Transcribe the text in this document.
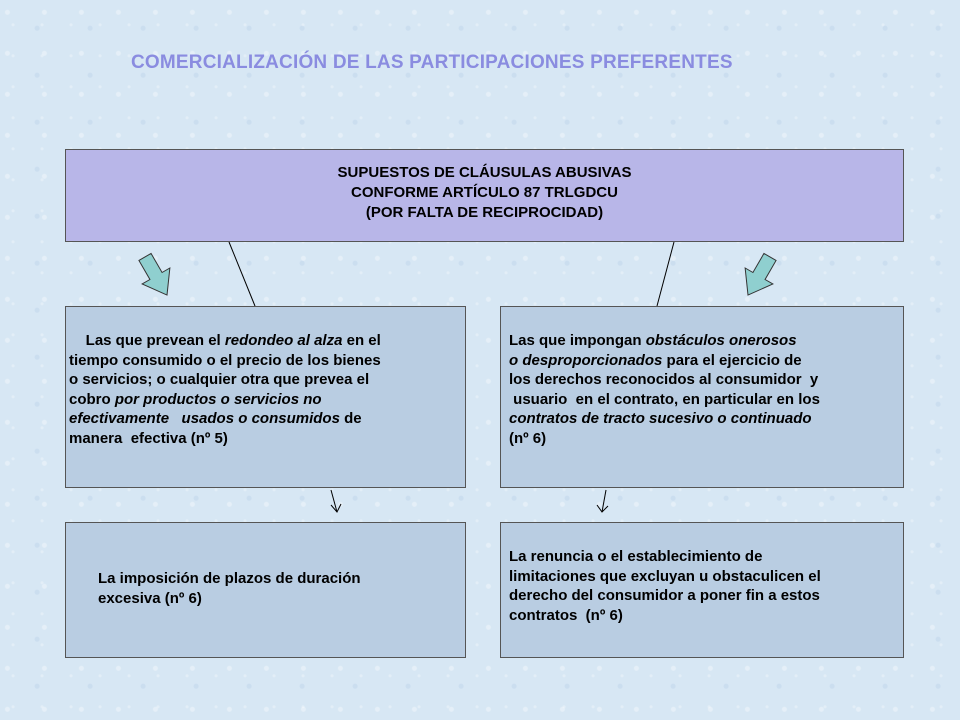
COMERCIALIZACIÓN DE LAS PARTICIPACIONES PREFERENTES
SUPUESTOS DE CLÁUSULAS ABUSIVAS
CONFORME ARTÍCULO 87 TRLGDCU
(POR FALTA DE RECIPROCIDAD)
Las que prevean el redondeo al alza en el
tiempo consumido o el precio de los bienes
o servicios; o cualquier otra que prevea el
cobro por productos o servicios no
efectivamente   usados o consumidos de
manera  efectiva (nº 5)
Las que impongan obstáculos onerosos
o desproporcionados para el ejercicio de
los derechos reconocidos al consumidor  y
usuario  en el contrato, en particular en los
contratos de tracto sucesivo o continuado
(nº 6)
La imposición de plazos de duración
excesiva (nº 6)
La renuncia o el establecimiento de
limitaciones que excluyan u obstaculicen el
derecho del consumidor a poner fin a estos
contratos  (nº 6)
